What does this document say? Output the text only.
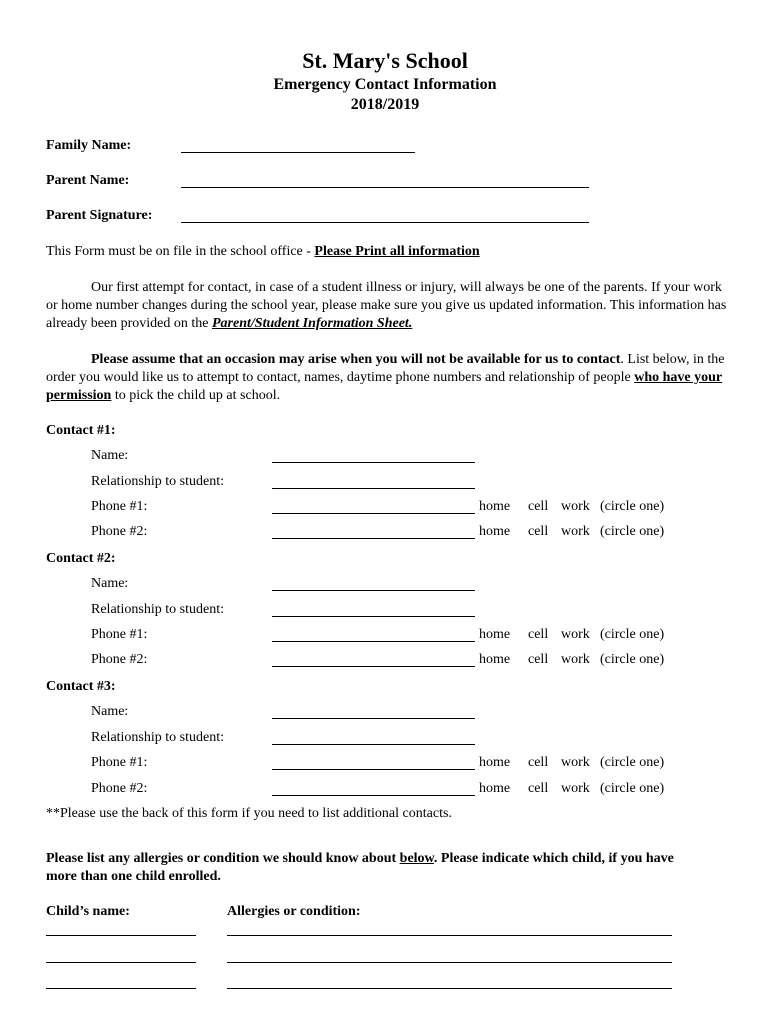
St. Mary's School
Emergency Contact Information
2018/2019
Family Name:
Parent Name:
Parent Signature:
This Form must be on file in the school office - Please Print all information
Our first attempt for contact, in case of a student illness or injury, will always be one of the parents. If your work or home number changes during the school year, please make sure you give us updated information. This information has already been provided on the Parent/Student Information Sheet.
Please assume that an occasion may arise when you will not be available for us to contact. List below, in the order you would like us to attempt to contact, names, daytime phone numbers and relationship of people who have your permission to pick the child up at school.
Contact #1:
Name:
Relationship to student:
Phone #1:	home cell work (circle one)
Phone #2:	home cell work (circle one)
Contact #2:
Name:
Relationship to student:
Phone #1:	home cell work (circle one)
Phone #2:	home cell work (circle one)
Contact #3:
Name:
Relationship to student:
Phone #1:	home cell work (circle one)
Phone #2:	home cell work (circle one)
**Please use the back of this form if you need to list additional contacts.
Please list any allergies or condition we should know about below. Please indicate which child, if you have more than one child enrolled.
Child’s name:	Allergies or condition:
